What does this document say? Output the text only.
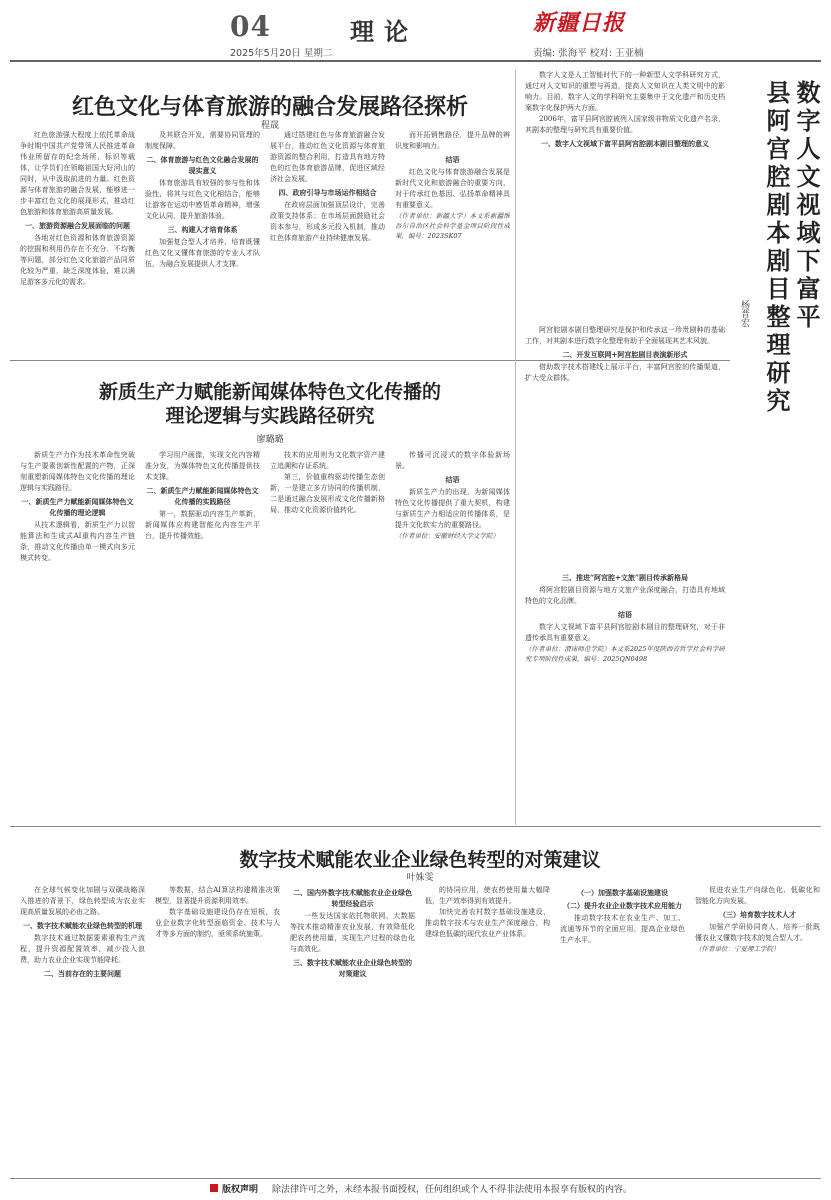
04	理论	新疆日报
2025年5月20日 星期二	责编: 张海平 校对: 王亚楠
红色文化与体育旅游的融合发展路径探析
程晟

红色旅游强大程度上依托革命战争时期中国共产党带领人民推进革命伟业所留存的纪念场所、标识等载体，让学员们在领略祖国大好河山的同时，从中汲取前进的力量。红色资源与体育旅游的融合发展，能够进一步丰富红色文化的展现形式，推动红色旅游和体育旅游高质量发展。

一、旅游资源融合发展面临的问题

各地对红色资源和体育旅游资源的挖掘和利用仍存在不充分、不均衡等问题，部分红色文化旅游产品同质化较为严重，缺乏深度体验，难以满足游客多元化的需求。

及其联合开发，需要协同管理的制度保障。

二、体育旅游与红色文化融合发展的现实意义

体育旅游具有较强的参与性和体验性，将其与红色文化相结合，能够让游客在运动中感悟革命精神，增强文化认同，提升旅游体验。

三、构建人才培育体系

加强复合型人才培养，培育既懂红色文化又懂体育旅游的专业人才队伍，为融合发展提供人才支撑。

通过搭建红色与体育旅游融合发展平台，推动红色文化资源与体育旅游资源的整合利用，打造具有地方特色的红色体育旅游品牌，促进区域经济社会发展。

四、政府引导与市场运作相结合

在政府层面加强顶层设计，完善政策支持体系；在市场层面鼓励社会资本参与，形成多元投入机制，推动红色体育旅游产业持续健康发展。

而开拓销售路径，提升品牌的辨识度和影响力。

结语

红色文化与体育旅游融合发展是新时代文化和旅游融合的重要方向，对于传承红色基因、弘扬革命精神具有重要意义。

（作者单位：新疆大学）本文系新疆维吾尔自治区社会科学基金项目阶段性成果，编号：2023SK07

新质生产力赋能新闻媒体特色文化传播的
理论逻辑与实践路径研究
廖璐璐

新质生产力作为技术革命性突破与生产要素创新性配置的产物，正深刻重塑新闻媒体特色文化传播的理论逻辑与实践路径。

一、新质生产力赋能新闻媒体特色文化传播的理论逻辑

从技术逻辑看，新质生产力以智能算法和生成式AI重构内容生产链条，推动文化传播由单一模式向多元模式转变。

学习用户画像，实现文化内容精准分发，为媒体特色文化传播提供技术支撑。

二、新质生产力赋能新闻媒体特色文化传播的实践路径

第一，数据驱动内容生产革新，新闻媒体应构建智能化内容生产平台，提升传播效能。

技术的应用则为文化数字资产建立追溯和存证系统。

第三，价值重构驱动传播生态创新，一是建立多方协同的传播机制，二是通过融合发展形成文化传播新格局，推动文化资源价值转化。

传播可沉浸式的数字体验新场景。

结语

新质生产力的出现，为新闻媒体特色文化传播提供了重大契机，构建与新质生产力相适应的传播体系，是提升文化软实力的重要路径。

（作者单位：安徽财经大学文学院）

数字人文是人工智能时代下的一种新型人文学科研究方式，通过对人文知识的重塑与再造，提高人文知识在人类文明中的影响力。目前，数字人文的学科研究主要集中于文化遗产和历史档案数字化保护两大方面。

2006年，富平县阿宫腔被列入国家级非物质文化遗产名录，其剧本的整理与研究具有重要价值。

一、数字人文视域下富平县阿宫腔剧本剧目整理的意义

阿宫腔剧本剧目整理研究是保护和传承这一珍贵剧种的基础工作，对其剧本进行数字化整理有助于全面展现其艺术风貌。

二、开发互联网+阿宫腔剧目表演新形式

借助数字技术搭建线上展示平台，丰富阿宫腔的传播渠道，扩大受众群体。

三、推进“阿宫腔+文旅”剧目传承新格局

将阿宫腔剧目资源与地方文旅产业深度融合，打造具有地域特色的文化品牌。

结语

数字人文视域下富平县阿宫腔剧本剧目的整理研究，对于非遗传承具有重要意义。

（作者单位：渭南师范学院）本文系2025年度陕西省哲学社会科学研究专项阶段性成果，编号：2025QN0498

数字人文视域下富平
县阿宫腔剧本剧目整理研究
杨晋宏
数字技术赋能农业企业绿色转型的对策建议
叶姝雯

在全球气候变化加剧与双碳战略深入推进的背景下，绿色转型成为农业实现高质量发展的必由之路。

一、数字技术赋能农业绿色转型的机理

数字技术通过数据要素重构生产流程，提升资源配置效率，减少投入浪费，助力农业企业实现节能降耗。

二、当前存在的主要问题

等数据，结合AI算法构建精准决策模型，显著提升资源利用效率。

数字基础设施建设仍存在短板，农业企业数字化转型面临资金、技术与人才等多方面的制约，亟须系统施策。

二、国内外数字技术赋能农业企业绿色转型经验启示

一些发达国家依托物联网、大数据等技术推动精准农业发展，有效降低化肥农药使用量，实现生产过程的绿色化与高效化。

三、数字技术赋能农业企业绿色转型的对策建议

的协同应用，使农药使用量大幅降低，生产效率得到有效提升。

加快完善农村数字基础设施建设，推动数字技术与农业生产深度融合，构建绿色低碳的现代农业产业体系。

（一）加强数字基础设施建设

（二）提升农业企业数字技术应用能力

推动数字技术在农业生产、加工、流通等环节的全面应用，提高企业绿色生产水平。

促进农业生产向绿色化、低碳化和智能化方向发展。

（三）培育数字技术人才

加强产学研协同育人，培养一批既懂农业又懂数字技术的复合型人才。

（作者单位：宁夏理工学院）

版权声明 除法律许可之外，未经本报书面授权，任何组织或个人不得非法使用本报享有版权的内容。
